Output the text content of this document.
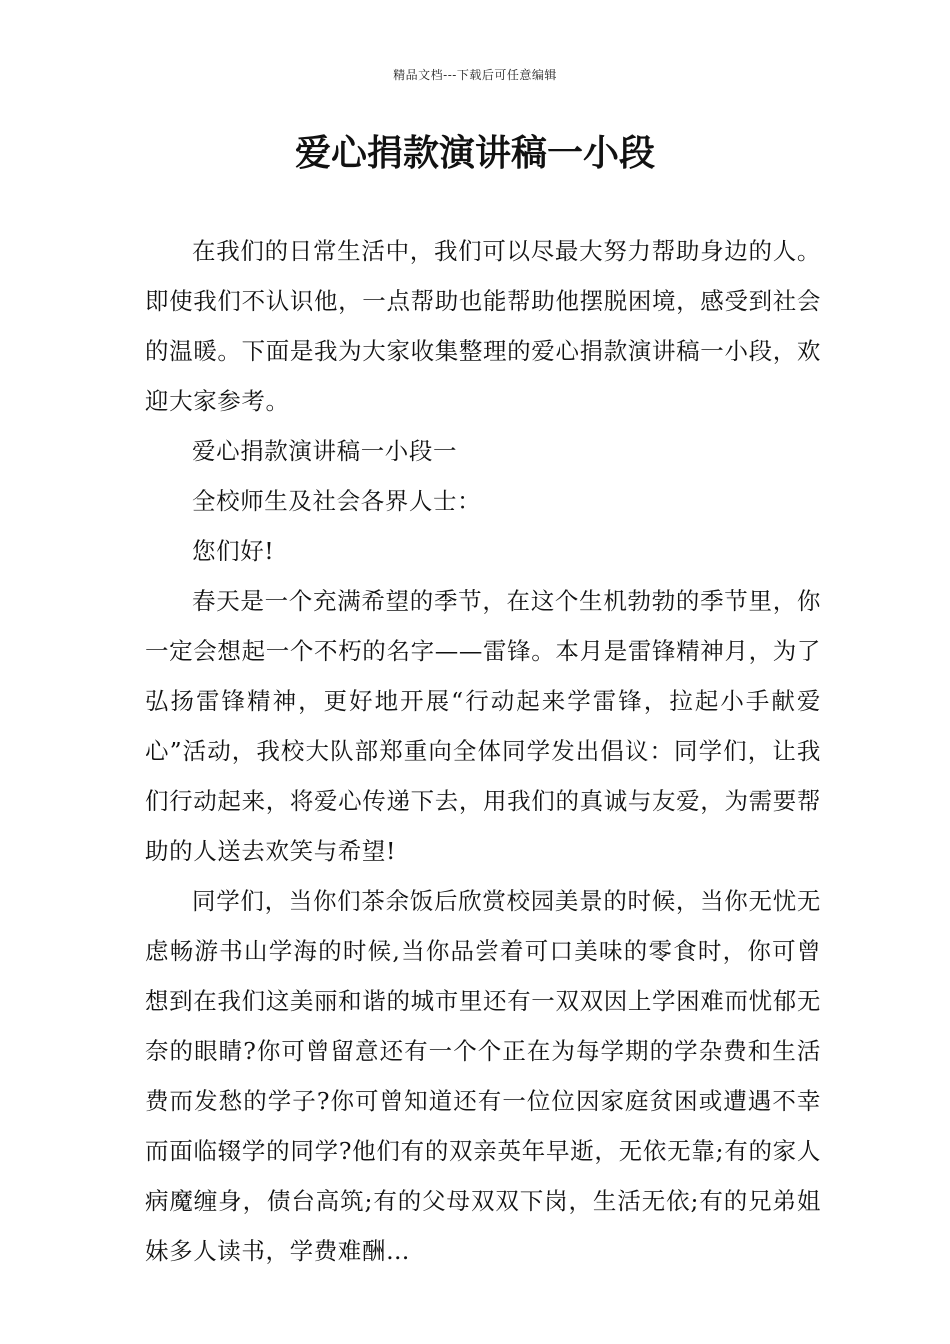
精品文档---下载后可任意编辑
爱心捐款演讲稿一小段

在我们的日常生活中，我们可以尽最大努力帮助身边的人。即使我们不认识他，一点帮助也能帮助他摆脱困境，感受到社会的温暖。下面是我为大家收集整理的爱心捐款演讲稿一小段，欢迎大家参考。

爱心捐款演讲稿一小段一

全校师生及社会各界人士：

您们好!

春天是一个充满希望的季节，在这个生机勃勃的季节里，你一定会想起一个不朽的名字——雷锋。本月是雷锋精神月，为了弘扬雷锋精神，更好地开展“行动起来学雷锋，拉起小手献爱心”活动，我校大队部郑重向全体同学发出倡议：同学们，让我们行动起来，将爱心传递下去，用我们的真诚与友爱，为需要帮助的人送去欢笑与希望!

同学们，当你们茶余饭后欣赏校园美景的时候，当你无忧无虑畅游书山学海的时候,当你品尝着可口美味的零食时，你可曾想到在我们这美丽和谐的城市里还有一双双因上学困难而忧郁无奈的眼睛?你可曾留意还有一个个正在为每学期的学杂费和生活费而发愁的学子?你可曾知道还有一位位因家庭贫困或遭遇不幸而面临辍学的同学?他们有的双亲英年早逝，无依无靠;有的家人病魔缠身，债台高筑;有的父母双双下岗，生活无依;有的兄弟姐妹多人读书，学费难酬…
